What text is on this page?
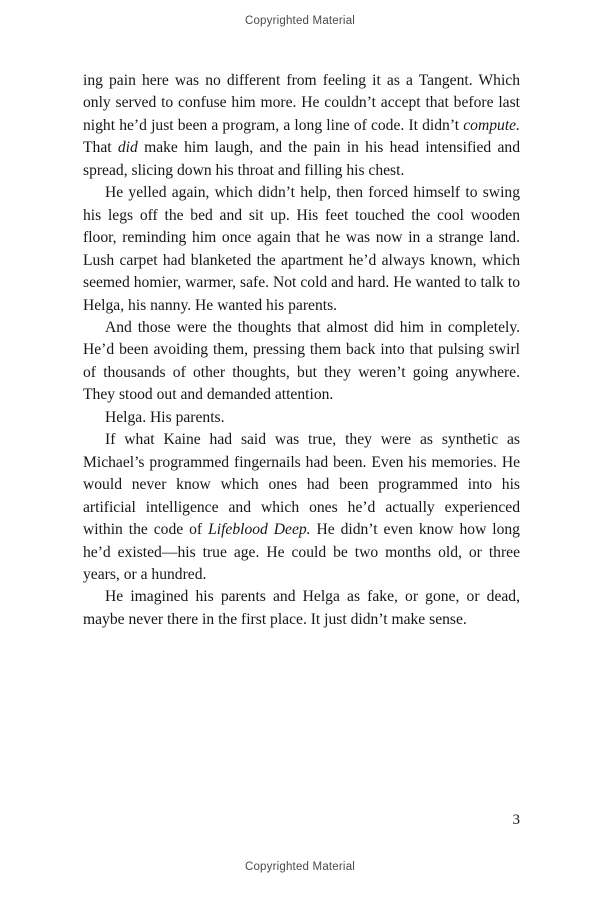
Copyrighted Material

ing pain here was no different from feeling it as a Tangent. Which only served to confuse him more. He couldn’t accept that before last night he’d just been a program, a long line of code. It didn’t compute. That did make him laugh, and the pain in his head intensified and spread, slicing down his throat and filling his chest.

He yelled again, which didn’t help, then forced himself to swing his legs off the bed and sit up. His feet touched the cool wooden floor, reminding him once again that he was now in a strange land. Lush carpet had blanketed the apartment he’d always known, which seemed homier, warmer, safe. Not cold and hard. He wanted to talk to Helga, his nanny. He wanted his parents.

And those were the thoughts that almost did him in completely. He’d been avoiding them, pressing them back into that pulsing swirl of thousands of other thoughts, but they weren’t going anywhere. They stood out and demanded attention.

Helga. His parents.

If what Kaine had said was true, they were as synthetic as Michael’s programmed fingernails had been. Even his memories. He would never know which ones had been programmed into his artificial intelligence and which ones he’d actually experienced within the code of Lifeblood Deep. He didn’t even know how long he’d existed—his true age. He could be two months old, or three years, or a hundred.

He imagined his parents and Helga as fake, or gone, or dead, maybe never there in the first place. It just didn’t make sense.

3
Copyrighted Material
